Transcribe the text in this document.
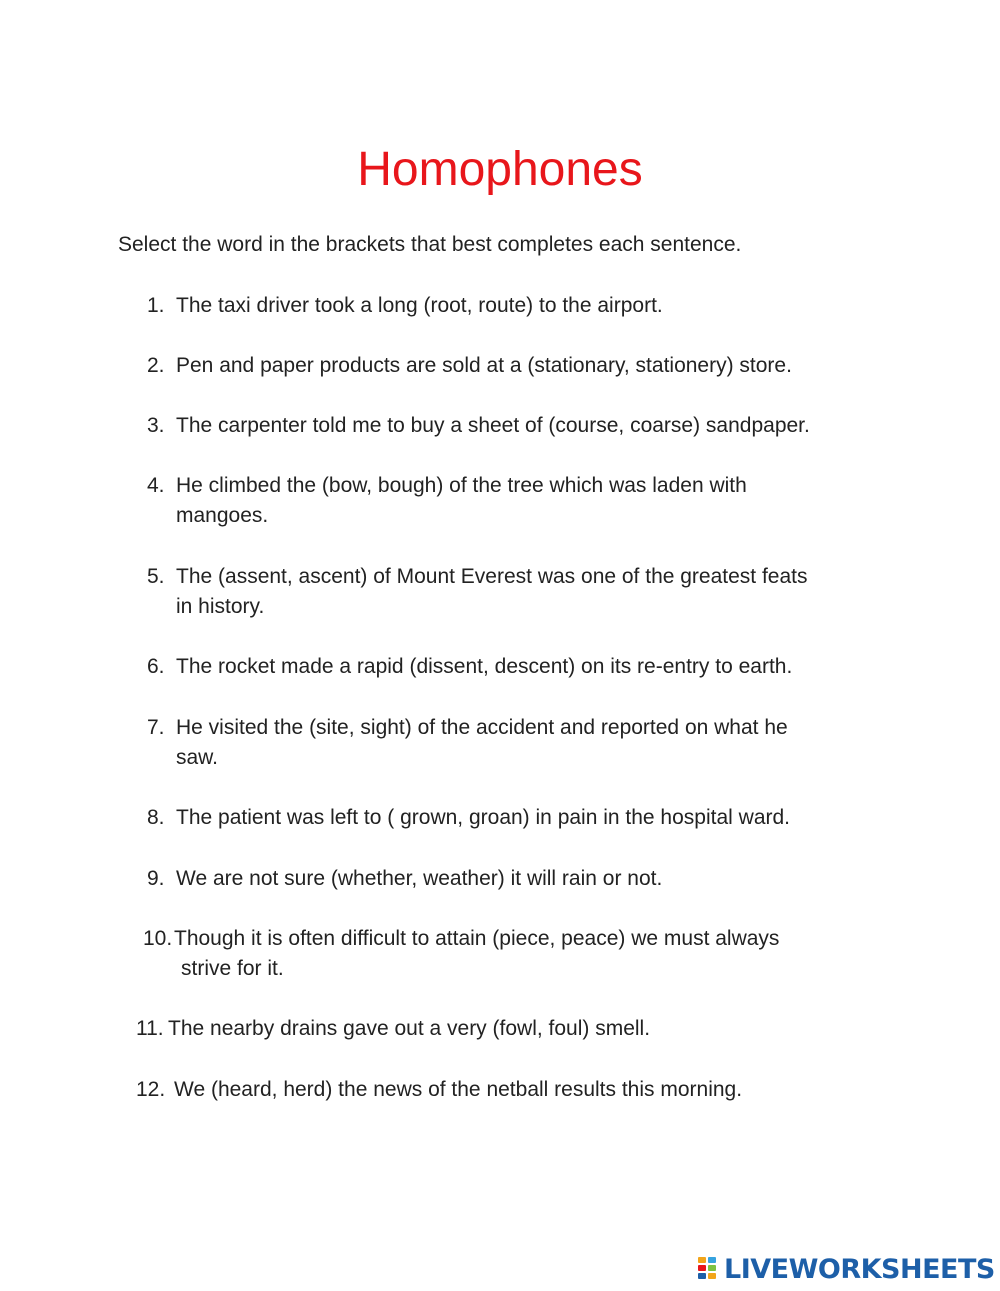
Homophones

Select the word in the brackets that best completes each sentence.

1. The taxi driver took a long (root, route) to the airport.
2. Pen and paper products are sold at a (stationary, stationery) store.
3. The carpenter told me to buy a sheet of (course, coarse) sandpaper.
4. He climbed the (bow, bough) of the tree which was laden with
mangoes.
5. The (assent, ascent) of Mount Everest was one of the greatest feats
in history.
6. The rocket made a rapid (dissent, descent) on its re-entry to earth.
7. He visited the (site, sight) of the accident and reported on what he
saw.
8. The patient was left to ( grown, groan) in pain in the hospital ward.
9. We are not sure (whether, weather) it will rain or not.
10. Though it is often difficult to attain (piece, peace) we must always
strive for it.
11. The nearby drains gave out a very (fowl, foul) smell.
12. We (heard, herd) the news of the netball results this morning.
LIVEWORKSHEETS
